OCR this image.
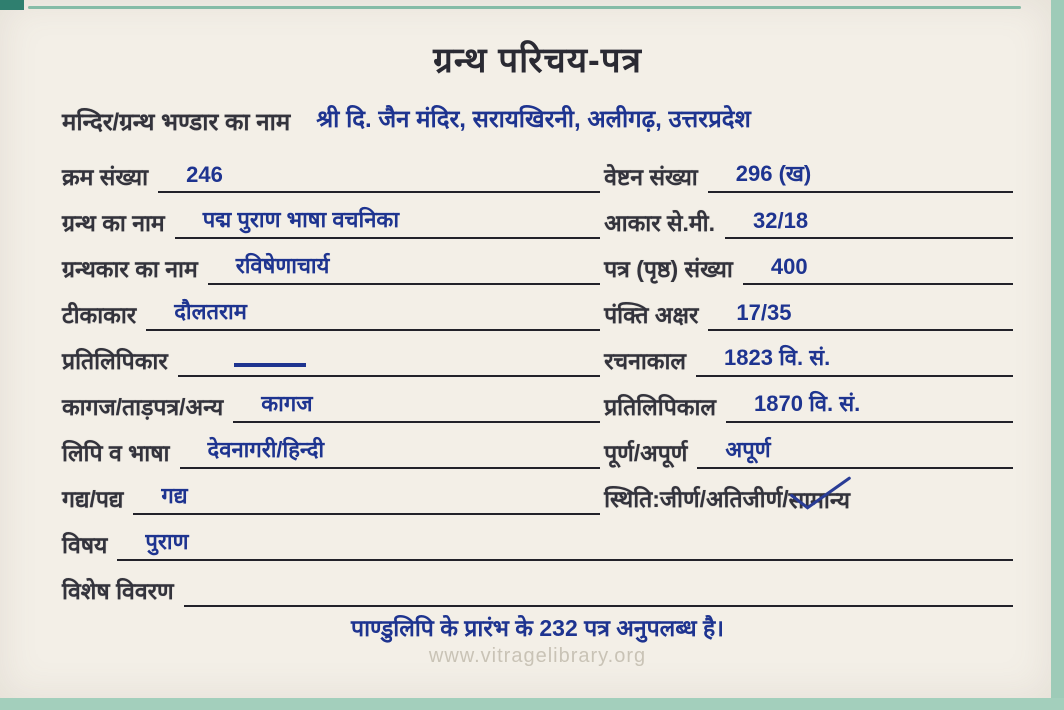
ग्रन्थ परिचय-पत्र
मन्दिर/ग्रन्थ भण्डार का नाम श्री दि. जैन मंदिर, सरायखिरनी, अलीगढ़, उत्तरप्रदेश
क्रम संख्या 246	वेष्टन संख्या 296 (ख)
ग्रन्थ का नाम पद्म पुराण भाषा वचनिका	आकार से.मी. 32/18
ग्रन्थकार का नाम रविषेणाचार्य	पत्र (पृष्ठ) संख्या 400
टीकाकार दौलतराम	पंक्ति अक्षर 17/35
प्रतिलिपिकार	रचनाकाल 1823 वि. सं.
कागज/ताड़पत्र/अन्य कागज	प्रतिलिपिकाल 1870 वि. सं.
लिपि व भाषा देवनागरी/हिन्दी	पूर्ण/अपूर्ण अपूर्ण
गद्य/पद्य गद्य	स्थिति:जीर्ण/अतिजीर्ण/ सामान्य
विषय पुराण
विशेष विवरण
पाण्डुलिपि के प्रारंभ के 232 पत्र अनुपलब्ध है।
www.vitragelibrary.org
